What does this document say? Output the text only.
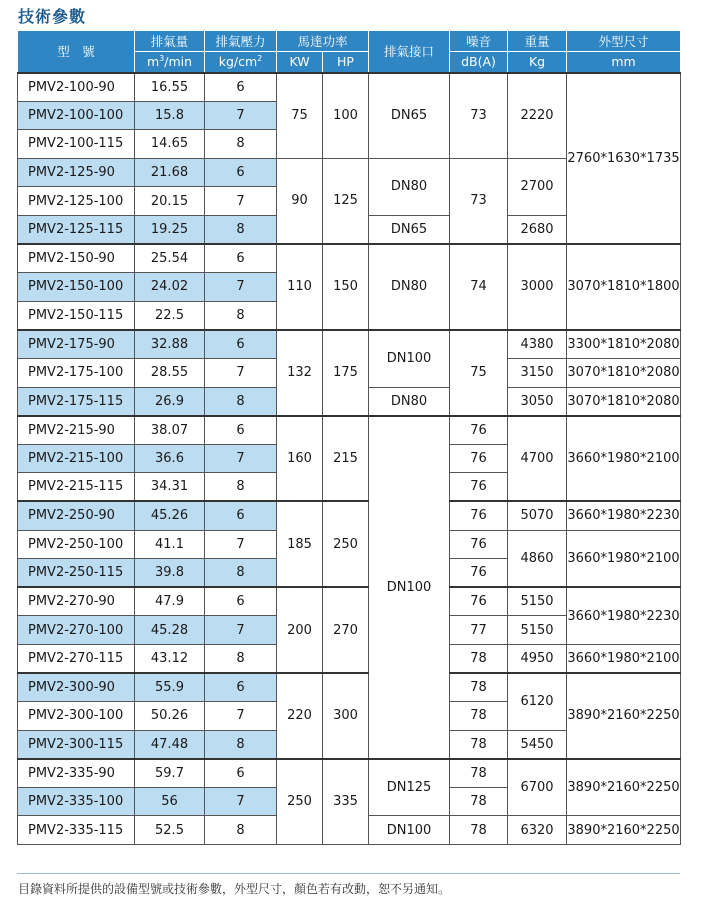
技術參數
型　號	排氣量	排氣壓力	馬達功率		排氣接口	噪音	重量	外型尺寸
	$m^3/\min$	$kg/cm^2$	KW	HP		dB(A)	Kg	mm
PMV2-100-90	16.55	6	75	100	DN65	73	2220	2760*1630*1735
PMV2-100-100	15.8	7						
PMV2-100-115	14.65	8						
PMV2-125-90	21.68	6	90	125	DN80	73	2700	
PMV2-125-100	20.15	7						
PMV2-125-115	19.25	8			DN65		2680	
PMV2-150-90	25.54	6	110	150	DN80	74	3000	3070*1810*1800
PMV2-150-100	24.02	7						
PMV2-150-115	22.5	8						
PMV2-175-90	32.88	6	132	175	DN100	75	4380	3300*1810*2080
PMV2-175-100	28.55	7					3150	3070*1810*2080
PMV2-175-115	26.9	8			DN80		3050	3070*1810*2080
PMV2-215-90	38.07	6	160	215	DN100	76	4700	3660*1980*2100
PMV2-215-100	36.6	7				76		
PMV2-215-115	34.31	8				76		
PMV2-250-90	45.26	6	185	250		76	5070	3660*1980*2230
PMV2-250-100	41.1	7				76	4860	3660*1980*2100
PMV2-250-115	39.8	8				76		
PMV2-270-90	47.9	6	200	270		76	5150	3660*1980*2230
PMV2-270-100	45.28	7				77	5150	
PMV2-270-115	43.12	8				78	4950	3660*1980*2100
PMV2-300-90	55.9	6	220	300		78	6120	3890*2160*2250
PMV2-300-100	50.26	7				78		
PMV2-300-115	47.48	8				78	5450	
PMV2-335-90	59.7	6	250	335	DN125	78	6700	3890*2160*2250
PMV2-335-100	56	7				78		
PMV2-335-115	52.5	8			DN100	78	6320	3890*2160*2250
目錄資料所提供的設備型號或技術參數，外型尺寸，顏色若有改動，恕不另通知。
